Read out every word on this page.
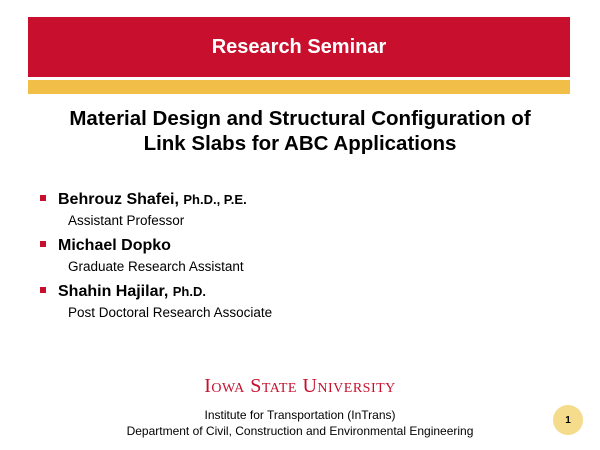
Research Seminar
Material Design and Structural Configuration of
Link Slabs for ABC Applications
Behrouz Shafei, Ph.D., P.E.
Assistant Professor
Michael Dopko
Graduate Research Assistant
Shahin Hajilar, Ph.D.
Post Doctoral Research Associate
Iowa State University
Institute for Transportation (InTrans)
Department of Civil, Construction and Environmental Engineering
1
